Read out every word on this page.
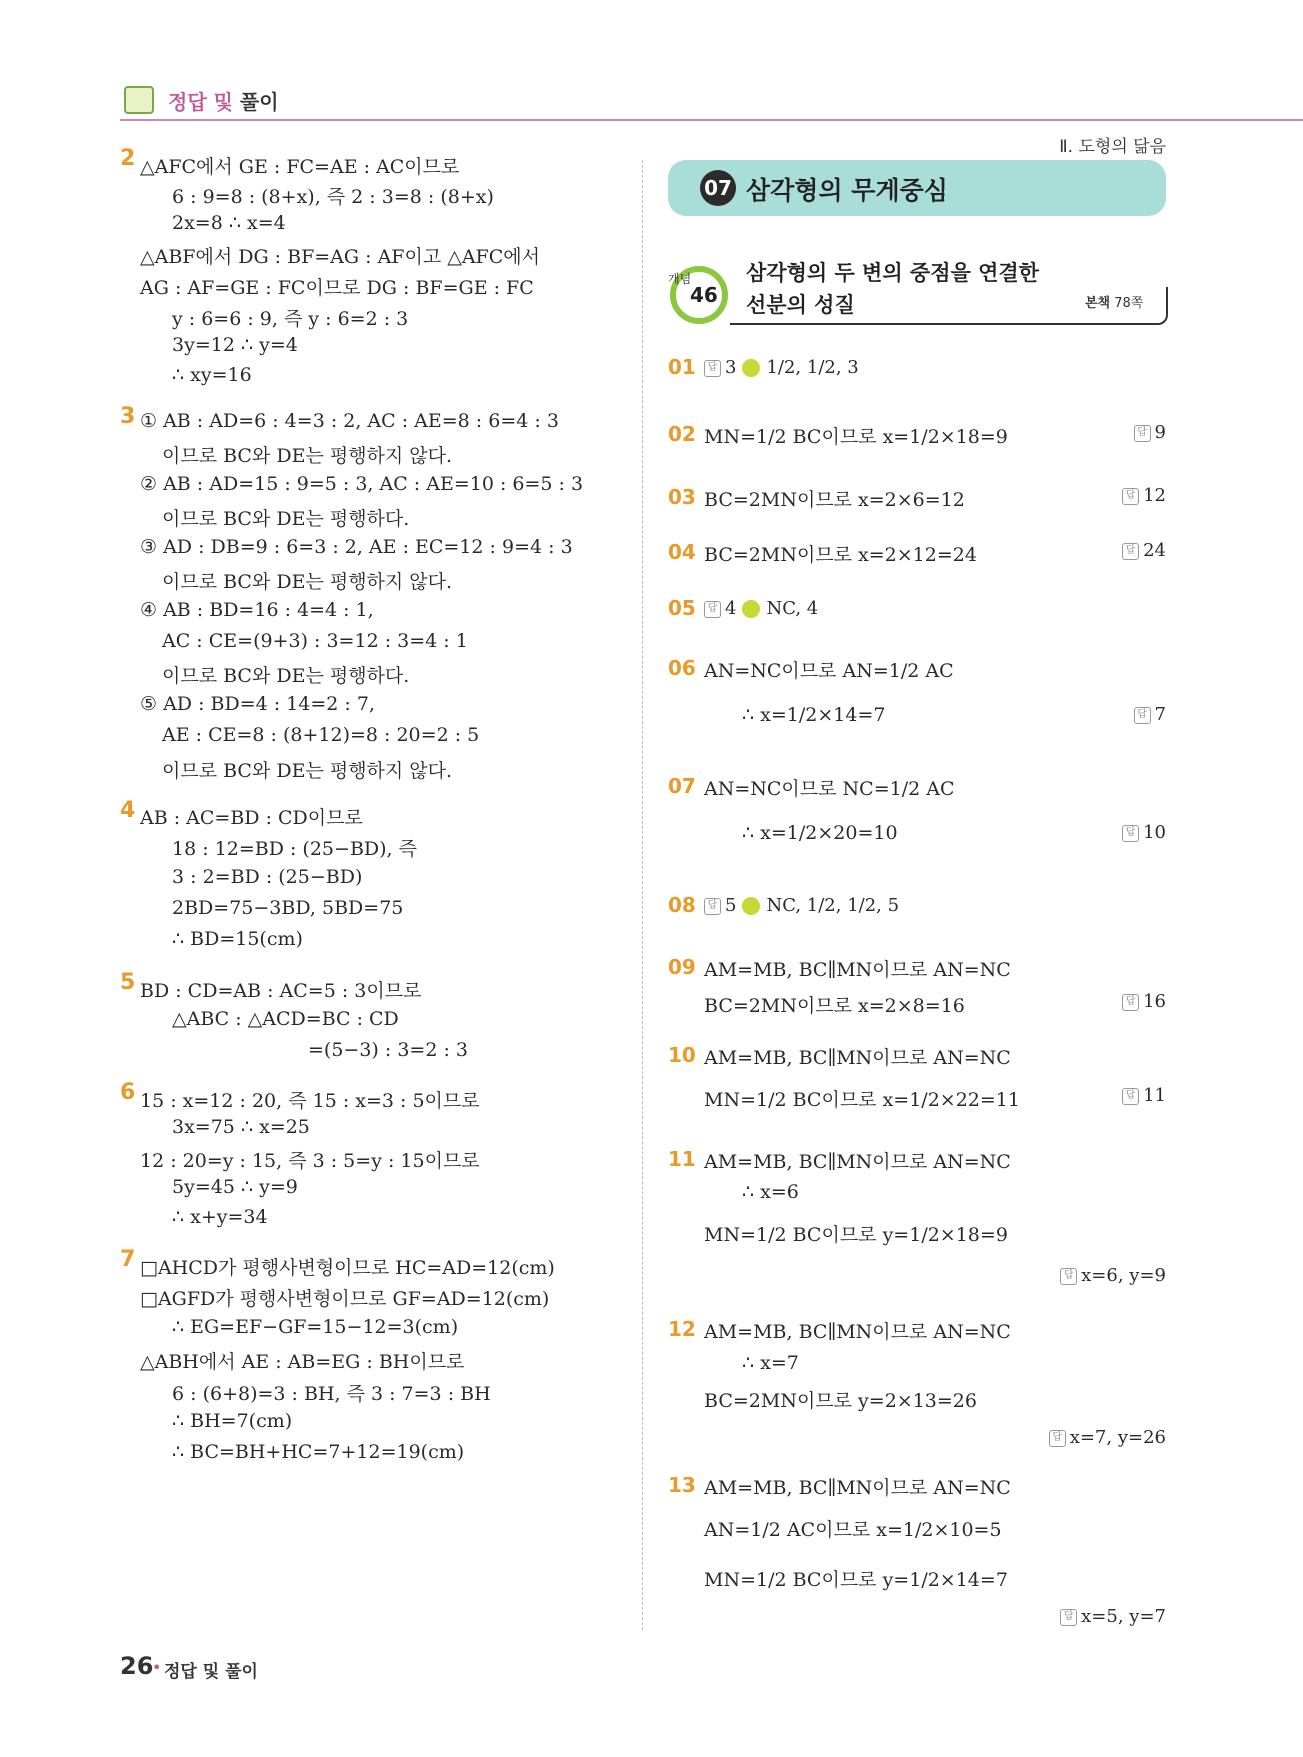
정답 및 풀이
Ⅱ. 도형의 닮음
07 삼각형의 무게중심
개념
46
삼각형의 두 변의 중점을 연결한
선분의 성질	본책 78쪽
2 △AFC에서 GE : FC=AE : AC이므로
6 : 9=8 : (8+x), 즉 2 : 3=8 : (8+x)
2x=8 ∴ x=4
△ABF에서 DG : BF=AG : AF이고 △AFC에서
AG : AF=GE : FC이므로 DG : BF=GE : FC
y : 6=6 : 9, 즉 y : 6=2 : 3
3y=12 ∴ y=4
∴ xy=16
3 ① AB : AD=6 : 4=3 : 2, AC : AE=8 : 6=4 : 3
이므로 BC와 DE는 평행하지 않다.
② AB : AD=15 : 9=5 : 3, AC : AE=10 : 6=5 : 3
이므로 BC와 DE는 평행하다.
③ AD : DB=9 : 6=3 : 2, AE : EC=12 : 9=4 : 3
이므로 BC와 DE는 평행하지 않다.
④ AB : BD=16 : 4=4 : 1,
AC : CE=(9+3) : 3=12 : 3=4 : 1
이므로 BC와 DE는 평행하다.
⑤ AD : BD=4 : 14=2 : 7,
AE : CE=8 : (8+12)=8 : 20=2 : 5
이므로 BC와 DE는 평행하지 않다.
4 AB : AC=BD : CD이므로
18 : 12=BD : (25−BD), 즉
3 : 2=BD : (25−BD)
2BD=75−3BD, 5BD=75
∴ BD=15(cm)
5 BD : CD=AB : AC=5 : 3이므로
△ABC : △ACD=BC : CD
=(5−3) : 3=2 : 3
6 15 : x=12 : 20, 즉 15 : x=3 : 5이므로
3x=75 ∴ x=25
12 : 20=y : 15, 즉 3 : 5=y : 15이므로
5y=45 ∴ y=9
∴ x+y=34
7 □AHCD가 평행사변형이므로 HC=AD=12(cm)
□AGFD가 평행사변형이므로 GF=AD=12(cm)
∴ EG=EF−GF=15−12=3(cm)
△ABH에서 AE : AB=EG : BH이므로
6 : (6+8)=3 : BH, 즉 3 : 7=3 : BH
∴ BH=7(cm)
∴ BC=BH+HC=7+12=19(cm)
01	답 3 1/2, 1/2, 3
02 MN=1/2 BC이므로 x=1/2×18=9	답 9
03 BC=2MN이므로 x=2×6=12	답 12
04 BC=2MN이므로 x=2×12=24	답 24
05	답 4 NC, 4
06 AN=NC이므로 AN=1/2 AC
∴ x=1/2×14=7	답 7
07 AN=NC이므로 NC=1/2 AC
∴ x=1/2×20=10	답 10
08	답 5 NC, 1/2, 1/2, 5
09 AM=MB, BC∥MN이므로 AN=NC
BC=2MN이므로 x=2×8=16	답 16
10 AM=MB, BC∥MN이므로 AN=NC
MN=1/2 BC이므로 x=1/2×22=11	답 11
11 AM=MB, BC∥MN이므로 AN=NC
∴ x=6
MN=1/2 BC이므로 y=1/2×18=9
답 x=6, y=9
12 AM=MB, BC∥MN이므로 AN=NC
∴ x=7
BC=2MN이므로 y=2×13=26
답 x=7, y=26
13 AM=MB, BC∥MN이므로 AN=NC
AN=1/2 AC이므로 x=1/2×10=5
MN=1/2 BC이므로 y=1/2×14=7
답 x=5, y=7
26
• 정답 및 풀이
